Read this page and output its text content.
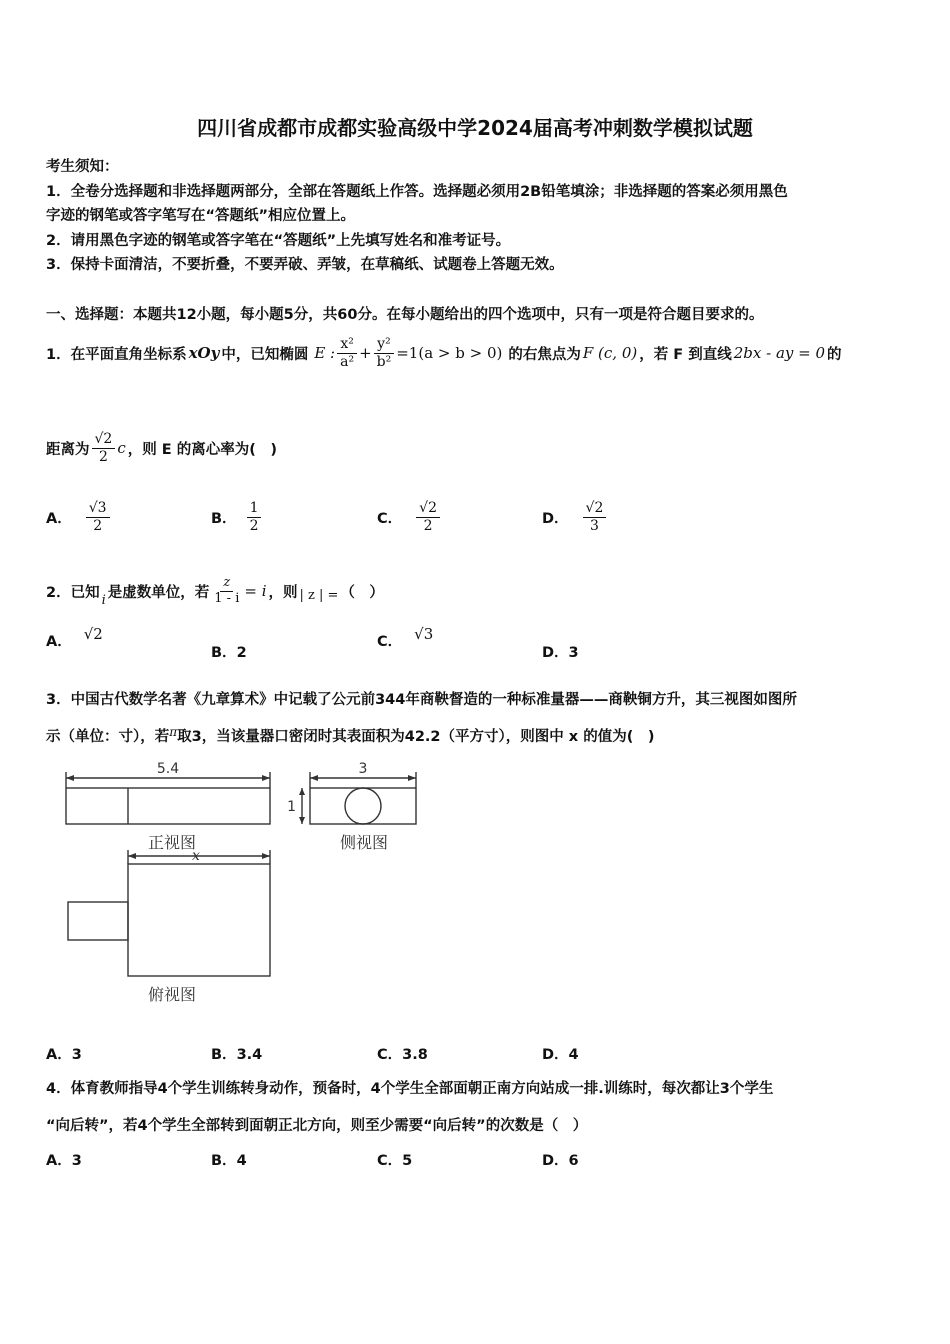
四川省成都市成都实验高级中学2024届高考冲刺数学模拟试题
考生须知：
1．全卷分选择题和非选择题两部分，全部在答题纸上作答。选择题必须用2B铅笔填涂；非选择题的答案必须用黑色
字迹的钢笔或答字笔写在“答题纸”相应位置上。
2．请用黑色字迹的钢笔或答字笔在“答题纸”上先填写姓名和准考证号。
3．保持卡面清洁，不要折叠，不要弄破、弄皱，在草稿纸、试题卷上答题无效。
一、选择题：本题共12小题，每小题5分，共60分。在每小题给出的四个选项中，只有一项是符合题目要求的。
1．在平面直角坐标系 xOy 中，已知椭圆 E : $\frac{\text{x²}}{\text{a²}} + \frac{\text{y²}}{\text{b²}} =1(a > b > 0)$ 的右焦点为 F (c, 0) ，若 F 到直线 2bx - ay = 0 的
距离为 $\frac{√2}{2}$ c ，则 E 的离心率为(　)
A． $\frac{√3}{2}$	B． $\frac{1}{2}$	C． $\frac{√2}{2}$	D． $\frac{√2}{3}$
2．已知 i 是虚数单位，若 $\frac{z}{1 - i} = i$ ，则 | z | = （　）
A． √2
B．2
C． √3
D．3
3．中国古代数学名著《九章算术》中记载了公元前344年商鞅督造的一种标准量器——商鞅铜方升，其三视图如图所
示（单位：寸），若 π 取3，当该量器口密闭时其表面积为42.2（平方寸），则图中 x 的值为(　)
5.4	3
1
x
正视图	侧视图
俯视图
A．3	B．3.4	C．3.8	D．4
4．体育教师指导4个学生训练转身动作，预备时，4个学生全部面朝正南方向站成一排.训练时，每次都让3个学生
“向后转”，若4个学生全部转到面朝正北方向，则至少需要“向后转”的次数是（　）
A．3	B．4	C．5	D．6
